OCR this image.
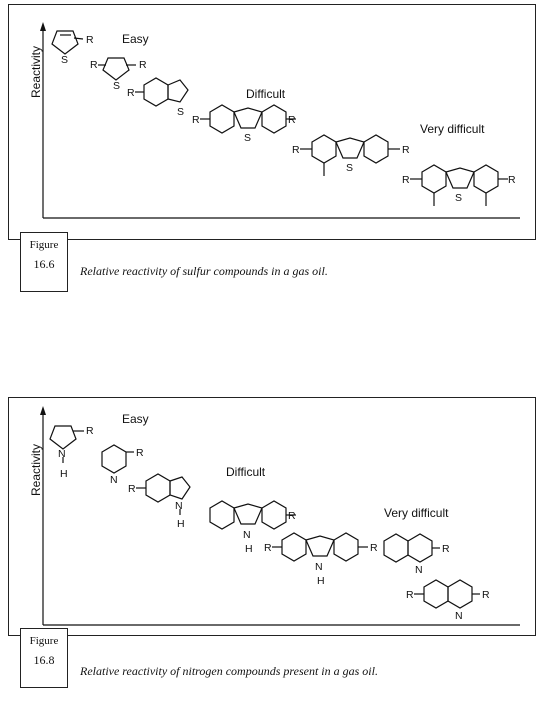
Reactivity S
R
R
S
R
R
S
R
S
R
R
S
R
R
S
R
Easy
Difficult
Very difficult
Figure
16.6	Relative reactivity of sulfur compounds in a gas oil.
Reactivity N
H
R
N
R
R
N
H
N
H
R
R
N
H
R
N
R
R
N
R
Easy
Difficult
Very difficult
Figure
16.8
Relative reactivity of nitrogen compounds present in a gas oil.
